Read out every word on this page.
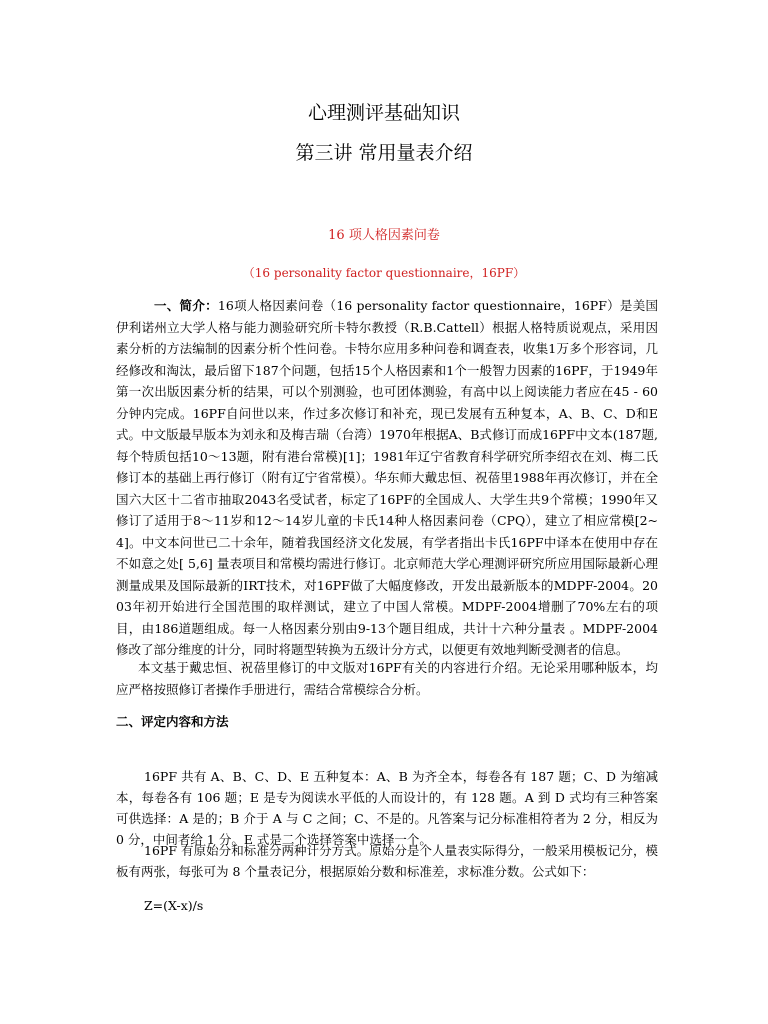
心理测评基础知识
第三讲 常用量表介绍
16 项人格因素问卷
（16 personality factor questionnaire，16PF）
一、简介：16项人格因素问卷（16 personality factor questionnaire，16PF）是美国伊利诺州立大学人格与能力测验研究所卡特尔教授（R.B.Cattell）根据人格特质说观点，采用因素分析的方法编制的因素分析个性问卷。卡特尔应用多种问卷和调查表，收集1万多个形容词，几经修改和淘汰，最后留下187个问题，包括15个人格因素和1个一般智力因素的16PF，于1949年第一次出版因素分析的结果，可以个别测验，也可团体测验，有高中以上阅读能力者应在45 - 60 分钟内完成。16PF自问世以来，作过多次修订和补充，现已发展有五种复本，A、B、C、D和E式。中文版最早版本为刘永和及梅吉瑞（台湾）1970年根据A、B式修订而成16PF中文本(187题,每个特质包括10～13题，附有港台常模)[1]；1981年辽宁省教育科学研究所李绍衣在刘、梅二氏修订本的基础上再行修订（附有辽宁省常模）。华东师大戴忠恒、祝蓓里1988年再次修订，并在全国六大区十二省市抽取2043名受试者，标定了16PF的全国成人、大学生共9个常模；1990年又修订了适用于8～11岁和12～14岁儿童的卡氏14种人格因素问卷（CPQ），建立了相应常模[2~4]。中文本问世已二十余年，随着我国经济文化发展，有学者指出卡氏16PF中译本在使用中存在不如意之处[ 5,6] 量表项目和常模均需进行修订。北京师范大学心理测评研究所应用国际最新心理测量成果及国际最新的IRT技术，对16PF做了大幅度修改，开发出最新版本的MDPF-2004。2003年初开始进行全国范围的取样测试，建立了中国人常模。MDPF-2004增删了70%左右的项目，由186道题组成。每一人格因素分别由9-13个题目组成，共计十六种分量表 。MDPF-2004修改了部分维度的计分，同时将题型转换为五级计分方式，以便更有效地判断受测者的信息。
本文基于戴忠恒、祝蓓里修订的中文版对16PF有关的内容进行介绍。无论采用哪种版本，均应严格按照修订者操作手册进行，需结合常模综合分析。
二、评定内容和方法
16PF 共有 A、B、C、D、E 五种复本：A、B 为齐全本，每卷各有 187 题；C、D 为缩减本，每卷各有 106 题；E 是专为阅读水平低的人而设计的，有 128 题。A 到 D 式均有三种答案可供选择：A 是的；B 介于 A 与 C 之间；C、不是的。凡答案与记分标准相符者为 2 分，相反为 0 分，中间者给 1 分。E 式是二个选择答案中选择一个。
16PF 有原始分和标准分两种计分方式。原始分是个人量表实际得分，一般采用模板记分，模板有两张，每张可为 8 个量表记分，根据原始分数和标准差，求标准分数。公式如下：
Z=(X-x)/s
